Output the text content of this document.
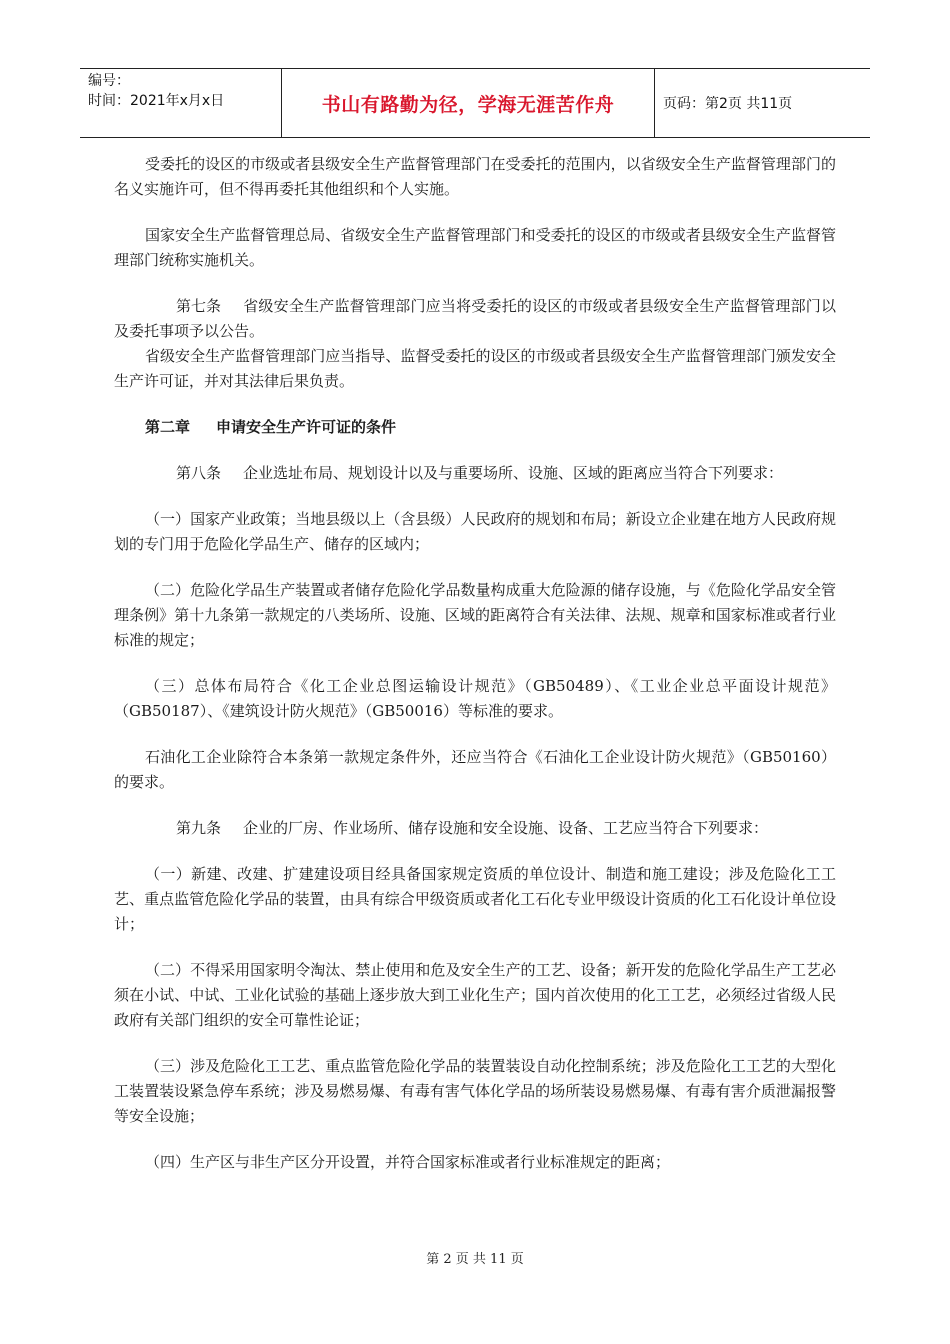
编号：
时间：2021年x月x日	书山有路勤为径，学海无涯苦作舟	页码：第2页 共11页

受委托的设区的市级或者县级安全生产监督管理部门在受委托的范围内，以省级安全生产监督管理部门的名义实施许可，但不得再委托其他组织和个人实施。

国家安全生产监督管理总局、省级安全生产监督管理部门和受委托的设区的市级或者县级安全生产监督管理部门统称实施机关。

第七条 省级安全生产监督管理部门应当将受委托的设区的市级或者县级安全生产监督管理部门以及委托事项予以公告。

省级安全生产监督管理部门应当指导、监督受委托的设区的市级或者县级安全生产监督管理部门颁发安全生产许可证，并对其法律后果负责。

第二章 申请安全生产许可证的条件

第八条 企业选址布局、规划设计以及与重要场所、设施、区域的距离应当符合下列要求：

（一）国家产业政策；当地县级以上（含县级）人民政府的规划和布局；新设立企业建在地方人民政府规划的专门用于危险化学品生产、储存的区域内；

（二）危险化学品生产装置或者储存危险化学品数量构成重大危险源的储存设施，与《危险化学品安全管理条例》第十九条第一款规定的八类场所、设施、区域的距离符合有关法律、法规、规章和国家标准或者行业标准的规定；

（三）总体布局符合《化工企业总图运输设计规范》（GB50489）、《工业企业总平面设计规范》（GB50187）、《建筑设计防火规范》（GB50016）等标准的要求。

石油化工企业除符合本条第一款规定条件外，还应当符合《石油化工企业设计防火规范》（GB50160）的要求。

第九条 企业的厂房、作业场所、储存设施和安全设施、设备、工艺应当符合下列要求：

（一）新建、改建、扩建建设项目经具备国家规定资质的单位设计、制造和施工建设；涉及危险化工工艺、重点监管危险化学品的装置，由具有综合甲级资质或者化工石化专业甲级设计资质的化工石化设计单位设计；

（二）不得采用国家明令淘汰、禁止使用和危及安全生产的工艺、设备；新开发的危险化学品生产工艺必须在小试、中试、工业化试验的基础上逐步放大到工业化生产；国内首次使用的化工工艺，必须经过省级人民政府有关部门组织的安全可靠性论证；

（三）涉及危险化工工艺、重点监管危险化学品的装置装设自动化控制系统；涉及危险化工工艺的大型化工装置装设紧急停车系统；涉及易燃易爆、有毒有害气体化学品的场所装设易燃易爆、有毒有害介质泄漏报警等安全设施；

（四）生产区与非生产区分开设置，并符合国家标准或者行业标准规定的距离；

第 2 页 共 11 页
